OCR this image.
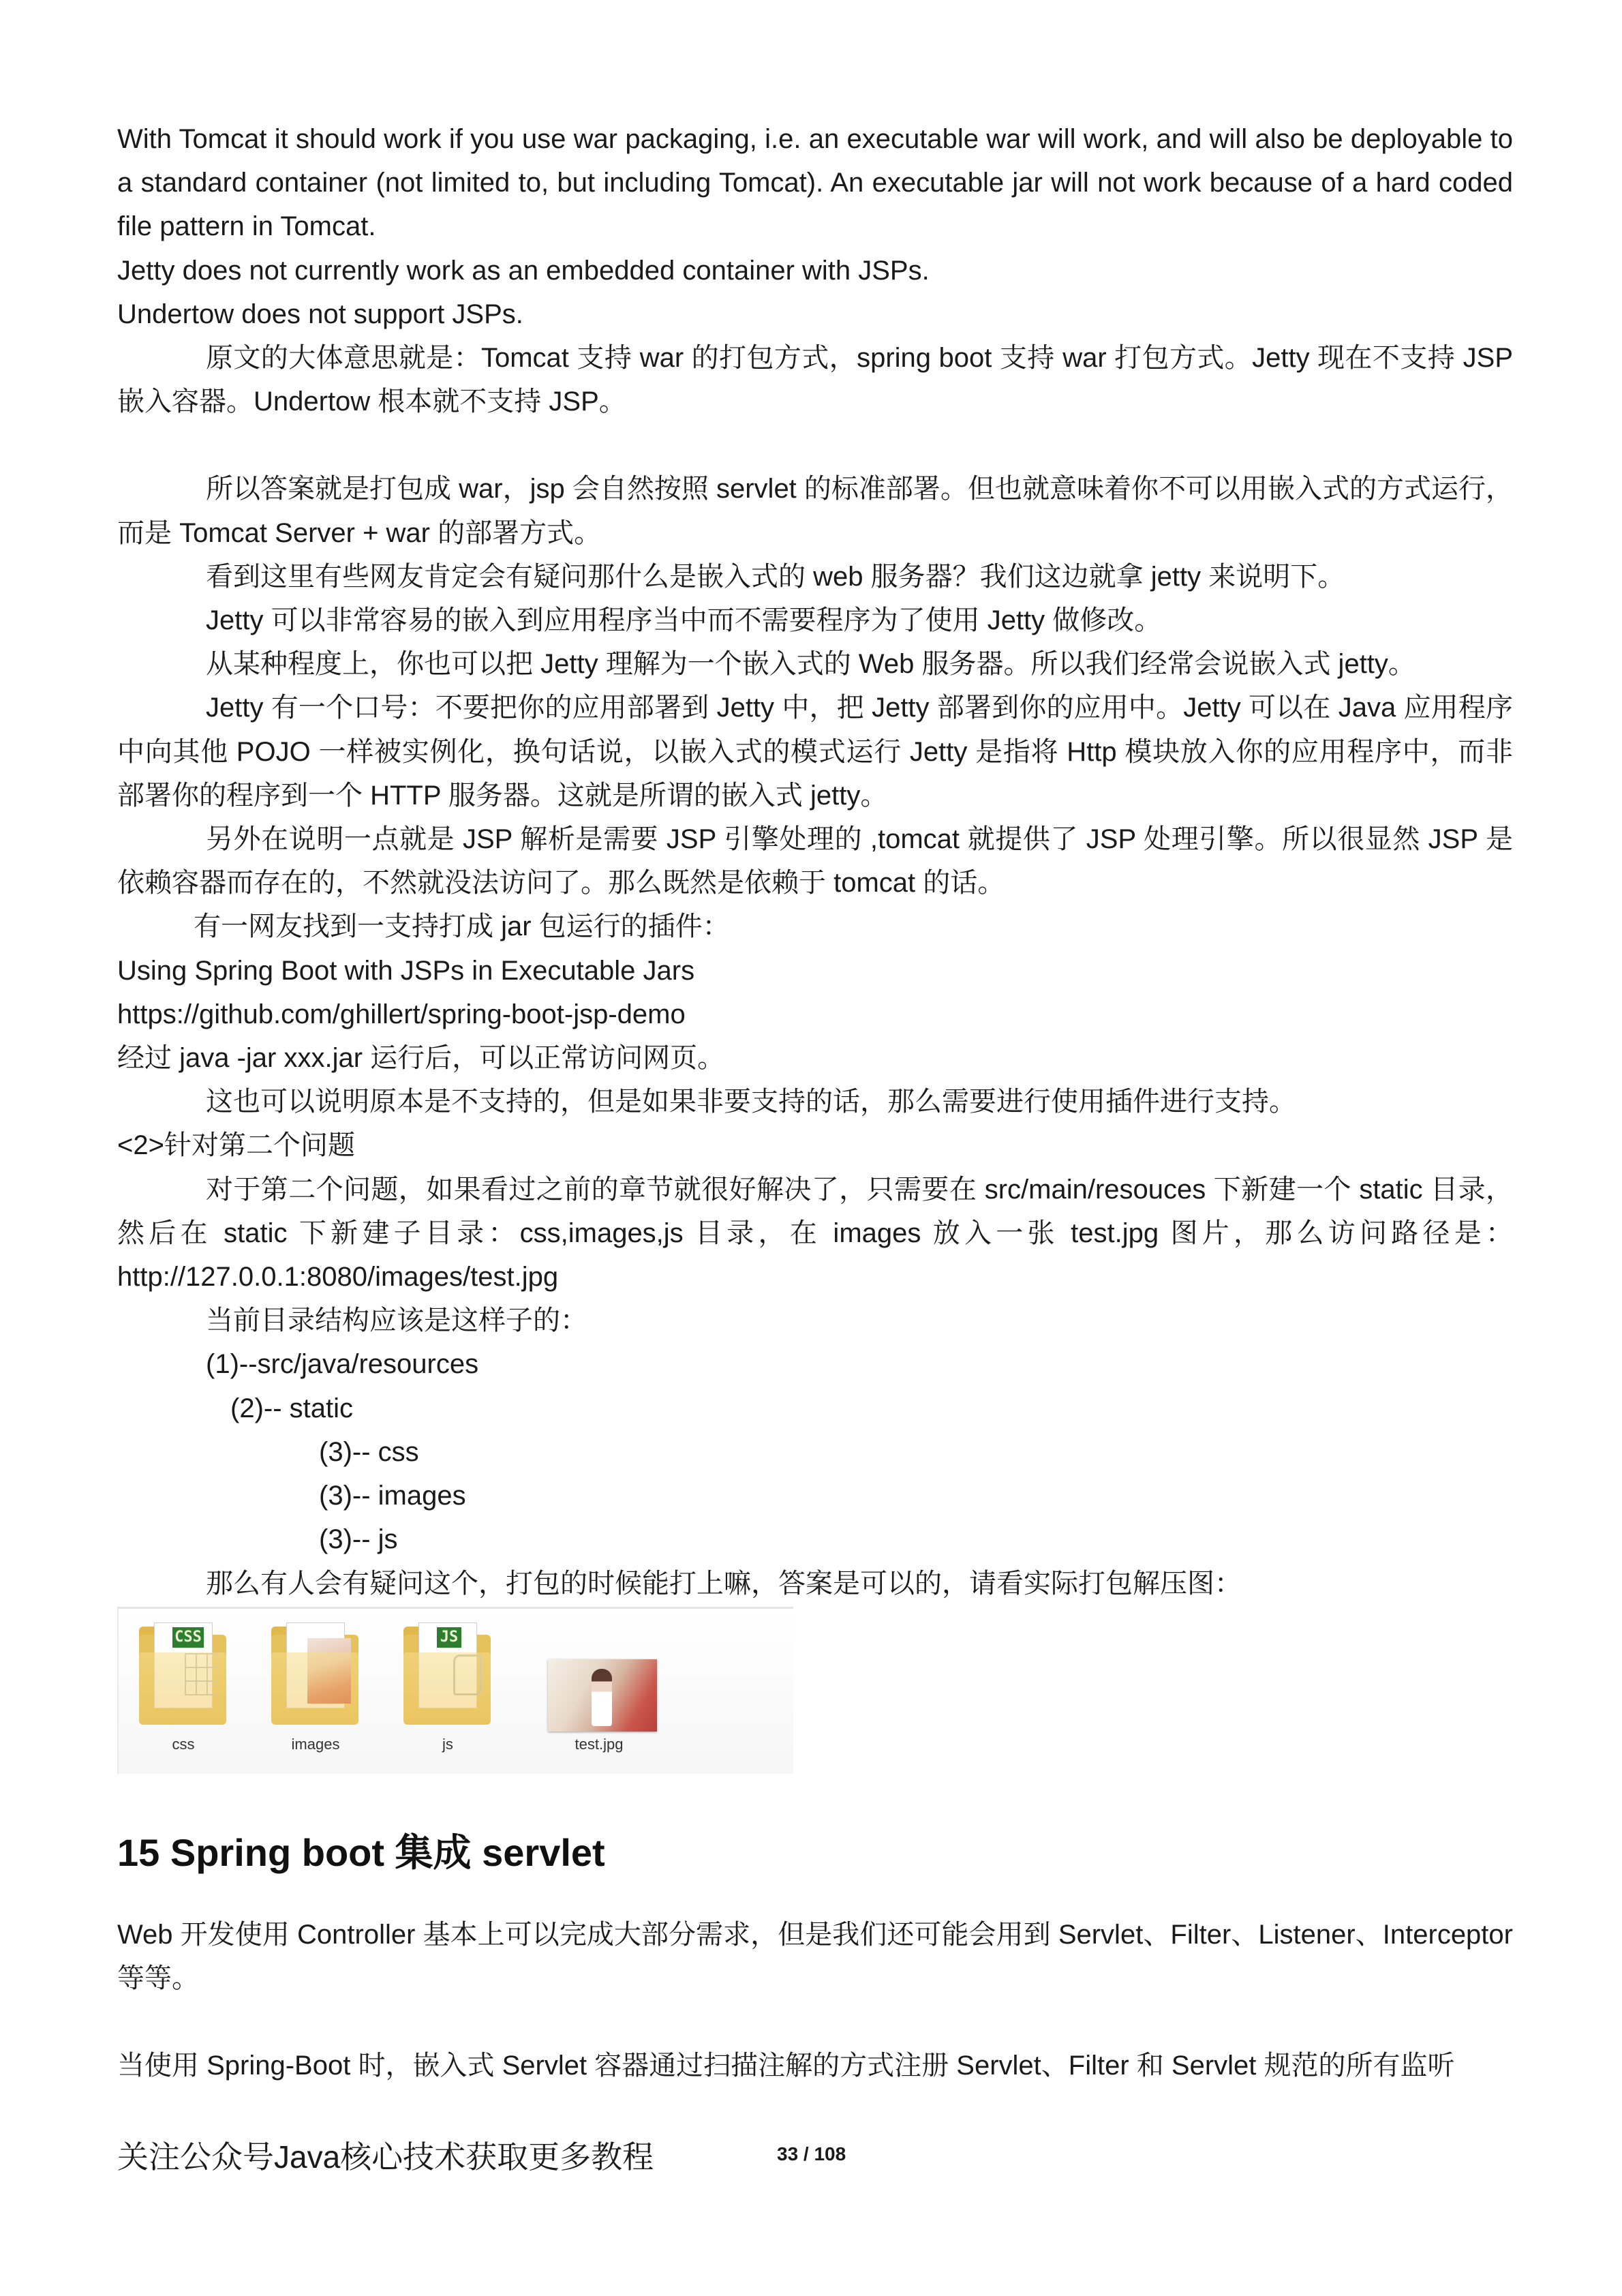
With Tomcat it should work if you use war packaging, i.e. an executable war will work, and will also be deployable to a standard container (not limited to, but including Tomcat). An executable jar will not work because of a hard coded file pattern in Tomcat.

Jetty does not currently work as an embedded container with JSPs.

Undertow does not support JSPs.

原文的大体意思就是：Tomcat 支持 war 的打包方式，spring boot 支持 war 打包方式。Jetty 现在不支持 JSP 嵌入容器。Undertow 根本就不支持 JSP。

所以答案就是打包成 war，jsp 会自然按照 servlet 的标准部署。但也就意味着你不可以用嵌入式的方式运行，而是 Tomcat Server + war 的部署方式。

看到这里有些网友肯定会有疑问那什么是嵌入式的 web 服务器？我们这边就拿 jetty 来说明下。

Jetty 可以非常容易的嵌入到应用程序当中而不需要程序为了使用 Jetty 做修改。

从某种程度上，你也可以把 Jetty 理解为一个嵌入式的 Web 服务器。所以我们经常会说嵌入式 jetty。

Jetty 有一个口号：不要把你的应用部署到 Jetty 中，把 Jetty 部署到你的应用中。Jetty 可以在 Java 应用程序中向其他 POJO 一样被实例化，换句话说，以嵌入式的模式运行 Jetty 是指将 Http 模块放入你的应用程序中，而非部署你的程序到一个 HTTP 服务器。这就是所谓的嵌入式 jetty。

另外在说明一点就是 JSP 解析是需要 JSP 引擎处理的 ,tomcat 就提供了 JSP 处理引擎。所以很显然 JSP 是依赖容器而存在的，不然就没法访问了。那么既然是依赖于 tomcat 的话。

有一网友找到一支持打成 jar 包运行的插件：

Using Spring Boot with JSPs in Executable Jars

https://github.com/ghillert/spring-boot-jsp-demo

经过 java -jar xxx.jar 运行后，可以正常访问网页。

这也可以说明原本是不支持的，但是如果非要支持的话，那么需要进行使用插件进行支持。

<2>针对第二个问题

对于第二个问题，如果看过之前的章节就很好解决了，只需要在 src/main/resouces 下新建一个 static 目录，然后在 static 下新建子目录：css,images,js 目录，在 images 放入一张 test.jpg 图片，那么访问路径是：http://127.0.0.1:8080/images/test.jpg

当前目录结构应该是这样子的：

(1)--src/java/resources

(2)-- static

(3)-- css

(3)-- images

(3)-- js

那么有人会有疑问这个，打包的时候能打上嘛，答案是可以的，请看实际打包解压图：

CSS
css	images
JS
js	test.jpg
15 Spring boot 集成 servlet

Web 开发使用 Controller 基本上可以完成大部分需求，但是我们还可能会用到 Servlet、Filter、Listener、Interceptor 等等。

当使用 Spring-Boot 时，嵌入式 Servlet 容器通过扫描注解的方式注册 Servlet、Filter 和 Servlet 规范的所有监听

关注公众号Java核心技术获取更多教程	33 / 108
